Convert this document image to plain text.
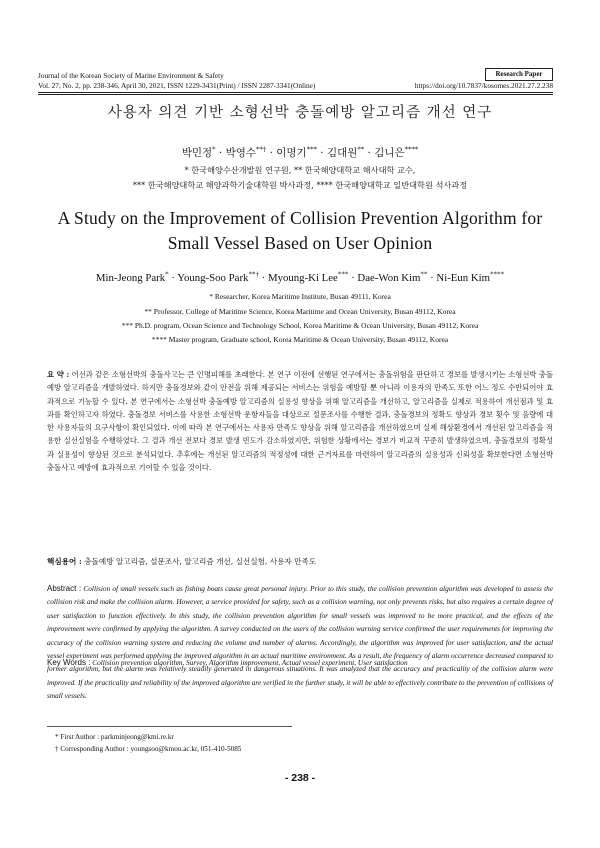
Journal of the Korean Society of Marine Environment & Safety	Research Paper
Vol. 27, No. 2, pp. 238-346, April 30, 2021, ISSN 1229-3431(Print) / ISSN 2287-3341(Online)	https://doi.org/10.7837/kosomes.2021.27.2.238
사용자 의견 기반 소형선박 충돌예방 알고리즘 개선 연구
박민정* · 박영수**† · 이명기*** · 김대원** · 김니은****
* 한국해양수산개발원 연구원, ** 한국해양대학교 해사대학 교수,
*** 한국해양대학교 해양과학기술대학원 박사과정, **** 한국해양대학교 일반대학원 석사과정
A Study on the Improvement of Collision Prevention Algorithm for
Small Vessel Based on User Opinion
Min-Jeong Park* · Young-Soo Park**† · Myoung-Ki Lee*** · Dae-Won Kim** · Ni-Eun Kim****
* Researcher, Korea Maritime Institute, Busan 49111, Korea
** Professor, College of Maritime Science, Korea Maritime and Ocean University, Busan 49112, Korea
*** Ph.D. program, Ocean Science and Technology School, Korea Maritime & Ocean University, Busan 49112, Korea
**** Master program, Graduate school, Korea Maritime & Ocean University, Busan 49112, Korea
요 약 : 어선과 같은 소형선박의 충돌사고는 큰 인명피해를 초래한다. 본 연구 이전에 선행된 연구에서는 충돌위험을 판단하고 경보를 발생시키는 소형선박 충돌예방 알고리즘을 개발하였다. 하지만 충돌경보와 같이 안전을 위해 제공되는 서비스는 위험을 예방할 뿐 아니라 이용자의 만족도 또한 어느 정도 수반되어야 효과적으로 기능할 수 있다. 본 연구에서는 소형선박 충돌예방 알고리즘의 실용성 향상을 위해 알고리즘을 개선하고, 알고리즘을 실제로 적용하여 개선점과 및 효과를 확인하고자 하였다. 충돌경보 서비스를 사용한 소형선박 운항자들을 대상으로 설문조사를 수행한 결과, 충돌경보의 정확도 향상과 경보 횟수 및 음량에 대한 사용자들의 요구사항이 확인되었다. 이에 따라 본 연구에서는 사용자 만족도 향상을 위해 알고리즘을 개선하였으며 실제 해상환경에서 개선된 알고리즘을 적용한 실선실험을 수행하였다. 그 결과 개선 전보다 경보 발생 빈도가 감소하였지만, 위험한 상황에서는 경보가 비교적 꾸준히 발생하였으며, 충돌경보의 정확성과 실용성이 향상된 것으로 분석되었다. 추후에는 개선된 알고리즘의 적정성에 대한 근거자료를 마련하여 알고리즘의 실용성과 신뢰성을 확보한다면 소형선박 충돌사고 예방에 효과적으로 기여할 수 있을 것이다.
핵심용어 : 충돌예방 알고리즘, 설문조사, 알고리즘 개선, 실선실험, 사용자 만족도
Abstract : Collision of small vessels such as fishing boats cause great personal injury. Prior to this study, the collision prevention algorithm was developed to assess the collision risk and make the collision alarm. However, a service provided for safety, such as a collision warning, not only prevents risks, but also requires a certain degree of user satisfaction to function effectively. In this study, the collision prevention algorithm for small vessels was improved to be more practical, and the effects of the improvement were confirmed by applying the algorithm. A survey conducted on the users of the collision warning service confirmed the user requirements for improving the accuracy of the collision warning system and reducing the volume and number of alarms. Accordingly, the algorithm was improved for user satisfaction, and the actual vessel experiment was performed applying the improved algorithm in an actual maritime environment. As a result, the frequency of alarm occurrence decreased compared to former algorithm, but the alarm was relatively steadily generated in dangerous situations. It was analyzed that the accuracy and practicality of the collision alarm were improved. If the practicality and reliability of the improved algorithm are verified in the further study, it will be able to effectively contribute to the prevention of collisions of small vessels.
Key Words : Collision prevention algorithm, Survey, Algorithm improvement, Actual vessel experiment, User satisfaction
* First Author : parkminjeong@kmi.re.kr
† Corresponding Author : youngsoo@kmou.ac.kr, 051-410-5085
- 238 -
